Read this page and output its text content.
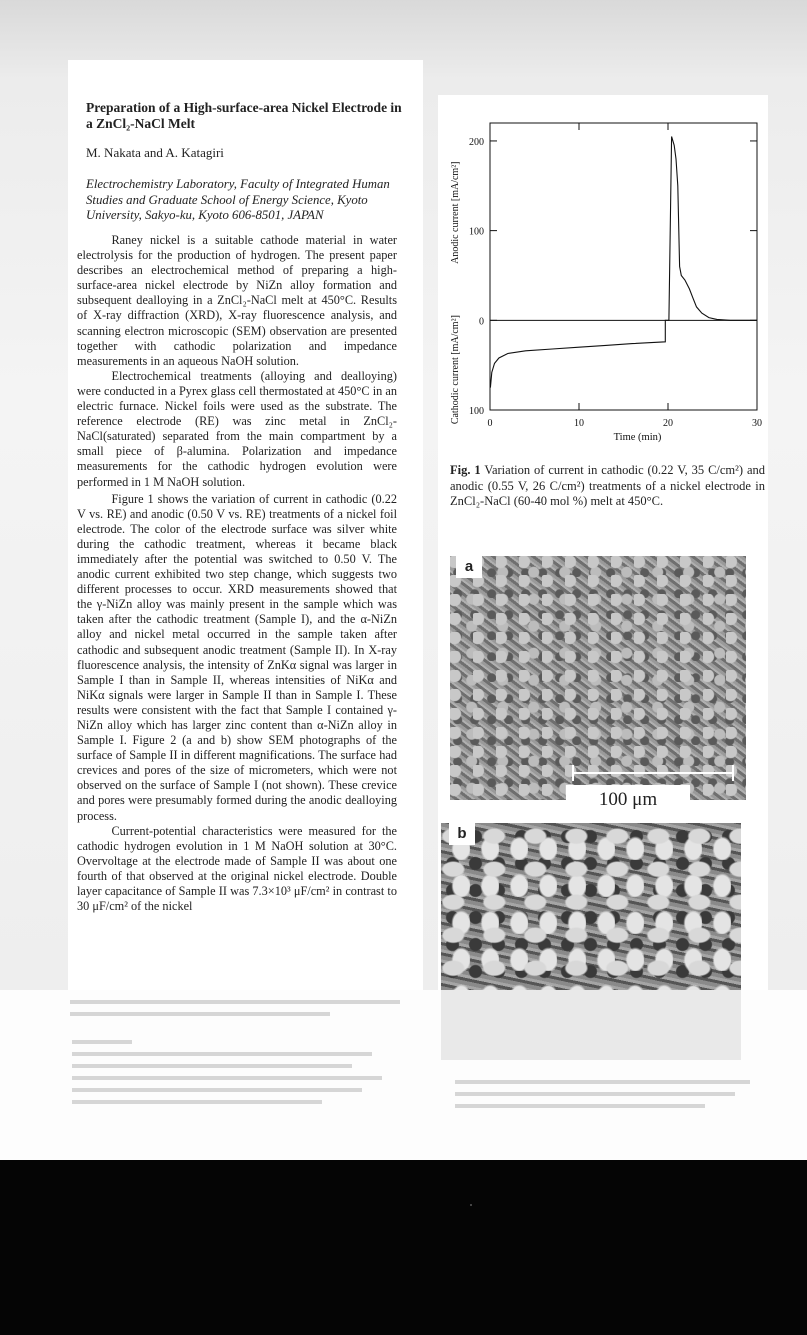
Preparation of a High-surface-area Nickel Electrode in a ZnCl₂-NaCl Melt
M. Nakata and A. Katagiri
Electrochemistry Laboratory, Faculty of Integrated Human Studies and Graduate School of Energy Science, Kyoto University, Sakyo-ku, Kyoto 606-8501, JAPAN

Raney nickel is a suitable cathode material in water electrolysis for the production of hydrogen. The present paper describes an electrochemical method of preparing a high-surface-area nickel electrode by NiZn alloy formation and subsequent dealloying in a ZnCl₂-NaCl melt at 450°C. Results of X-ray diffraction (XRD), X-ray fluorescence analysis, and scanning electron microscopic (SEM) observation are presented together with cathodic polarization and impedance measurements in an aqueous NaOH solution.

Electrochemical treatments (alloying and dealloying) were conducted in a Pyrex glass cell thermostated at 450°C in an electric furnace. Nickel foils were used as the substrate. The reference electrode (RE) was zinc metal in ZnCl₂-NaCl(saturated) separated from the main compartment by a small piece of β-alumina. Polarization and impedance measurements for the cathodic hydrogen evolution were performed in 1 M NaOH solution.

Figure 1 shows the variation of current in cathodic (0.22 V vs. RE) and anodic (0.50 V vs. RE) treatments of a nickel foil electrode. The color of the electrode surface was silver white during the cathodic treatment, whereas it became black immediately after the potential was switched to 0.50 V. The anodic current exhibited two step change, which suggests two different processes to occur. XRD measurements showed that the γ-NiZn alloy was mainly present in the sample which was taken after the cathodic treatment (Sample I), and the α-NiZn alloy and nickel metal occurred in the sample taken after cathodic and subsequent anodic treatment (Sample II). In X-ray fluorescence analysis, the intensity of ZnKα signal was larger in Sample I than in Sample II, whereas intensities of NiKα and NiKα signals were larger in Sample II than in Sample I. These results were consistent with the fact that Sample I contained γ-NiZn alloy which has larger zinc content than α-NiZn alloy in Sample I. Figure 2 (a and b) show SEM photographs of the surface of Sample II in different magnifications. The surface had crevices and pores of the size of micrometers, which were not observed on the surface of Sample I (not shown). These crevice and pores were presumably formed during the anodic dealloying process.

Current-potential characteristics were measured for the cathodic hydrogen evolution in 1 M NaOH solution at 30°C. Overvoltage at the electrode made of Sample II was about one fourth of that observed at the original nickel electrode. Double layer capacitance of Sample II was 7.3×10³ μF/cm² in contrast to 30 μF/cm² of the nickel

0	10	20	30
200
100
0
100
Time (min)
Anodic current [mA/cm²]
Cathodic current [mA/cm²]
Fig. 1 Variation of current in cathodic (0.22 V, 35 C/cm²) and anodic (0.55 V, 26 C/cm²) treatments of a nickel electrode in ZnCl₂-NaCl (60-40 mol %) melt at 450°C.
a
100 μm
b
